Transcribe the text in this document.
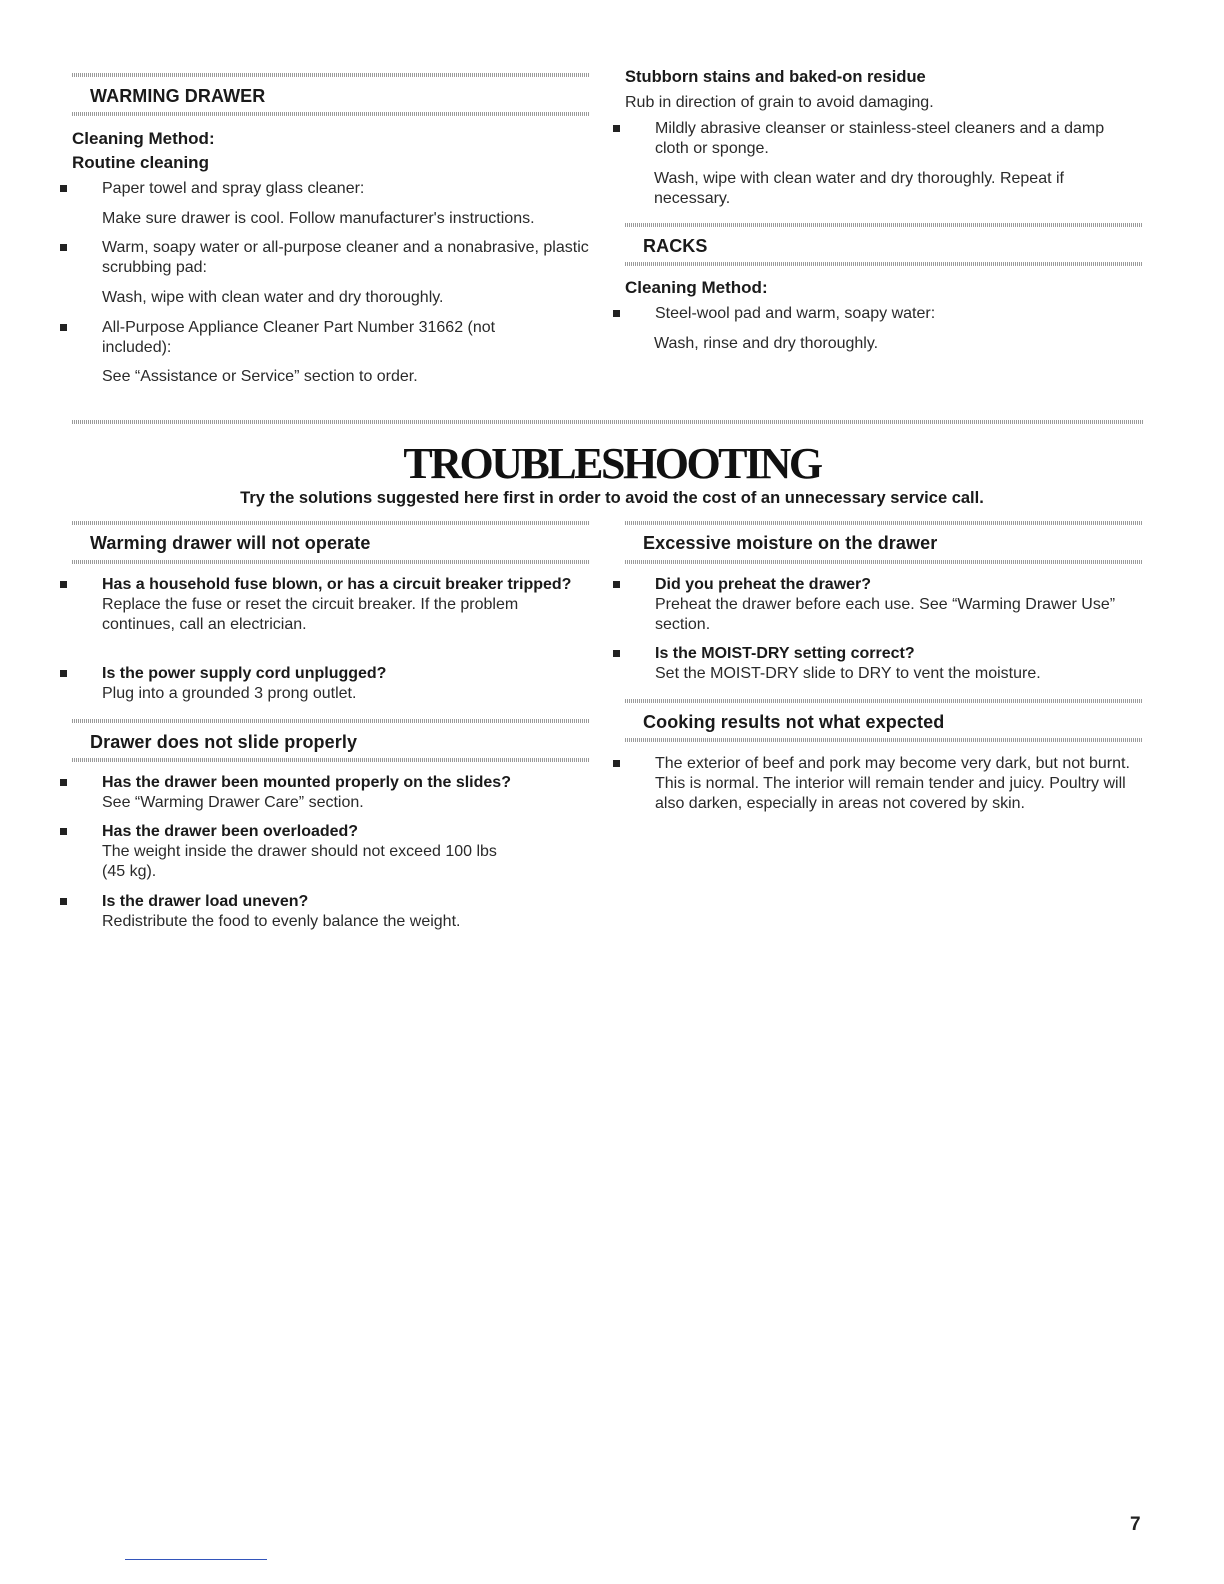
WARMING DRAWER
Cleaning Method:
Routine cleaning
Paper towel and spray glass cleaner:
Make sure drawer is cool. Follow manufacturer's instructions.
Warm, soapy water or all-purpose cleaner and a nonabrasive, plastic scrubbing pad:
Wash, wipe with clean water and dry thoroughly.
All-Purpose Appliance Cleaner Part Number 31662 (not included):
See “Assistance or Service” section to order.
Stubborn stains and baked-on residue
Rub in direction of grain to avoid damaging.
Mildly abrasive cleanser or stainless-steel cleaners and a damp cloth or sponge.
Wash, wipe with clean water and dry thoroughly. Repeat if necessary.
RACKS
Cleaning Method:
Steel-wool pad and warm, soapy water:
Wash, rinse and dry thoroughly.
TROUBLESHOOTING
Try the solutions suggested here first in order to avoid the cost of an unnecessary service call.
Warming drawer will not operate
Has a household fuse blown, or has a circuit breaker tripped?
Replace the fuse or reset the circuit breaker. If the problem continues, call an electrician.
Is the power supply cord unplugged?
Plug into a grounded 3 prong outlet.
Drawer does not slide properly
Has the drawer been mounted properly on the slides?
See “Warming Drawer Care” section.
Has the drawer been overloaded?
The weight inside the drawer should not exceed 100 lbs (45 kg).
Is the drawer load uneven?
Redistribute the food to evenly balance the weight.
Excessive moisture on the drawer
Did you preheat the drawer?
Preheat the drawer before each use. See “Warming Drawer Use” section.
Is the MOIST-DRY setting correct?
Set the MOIST-DRY slide to DRY to vent the moisture.
Cooking results not what expected
The exterior of beef and pork may become very dark, but not burnt. This is normal. The interior will remain tender and juicy. Poultry will also darken, especially in areas not covered by skin.
7
